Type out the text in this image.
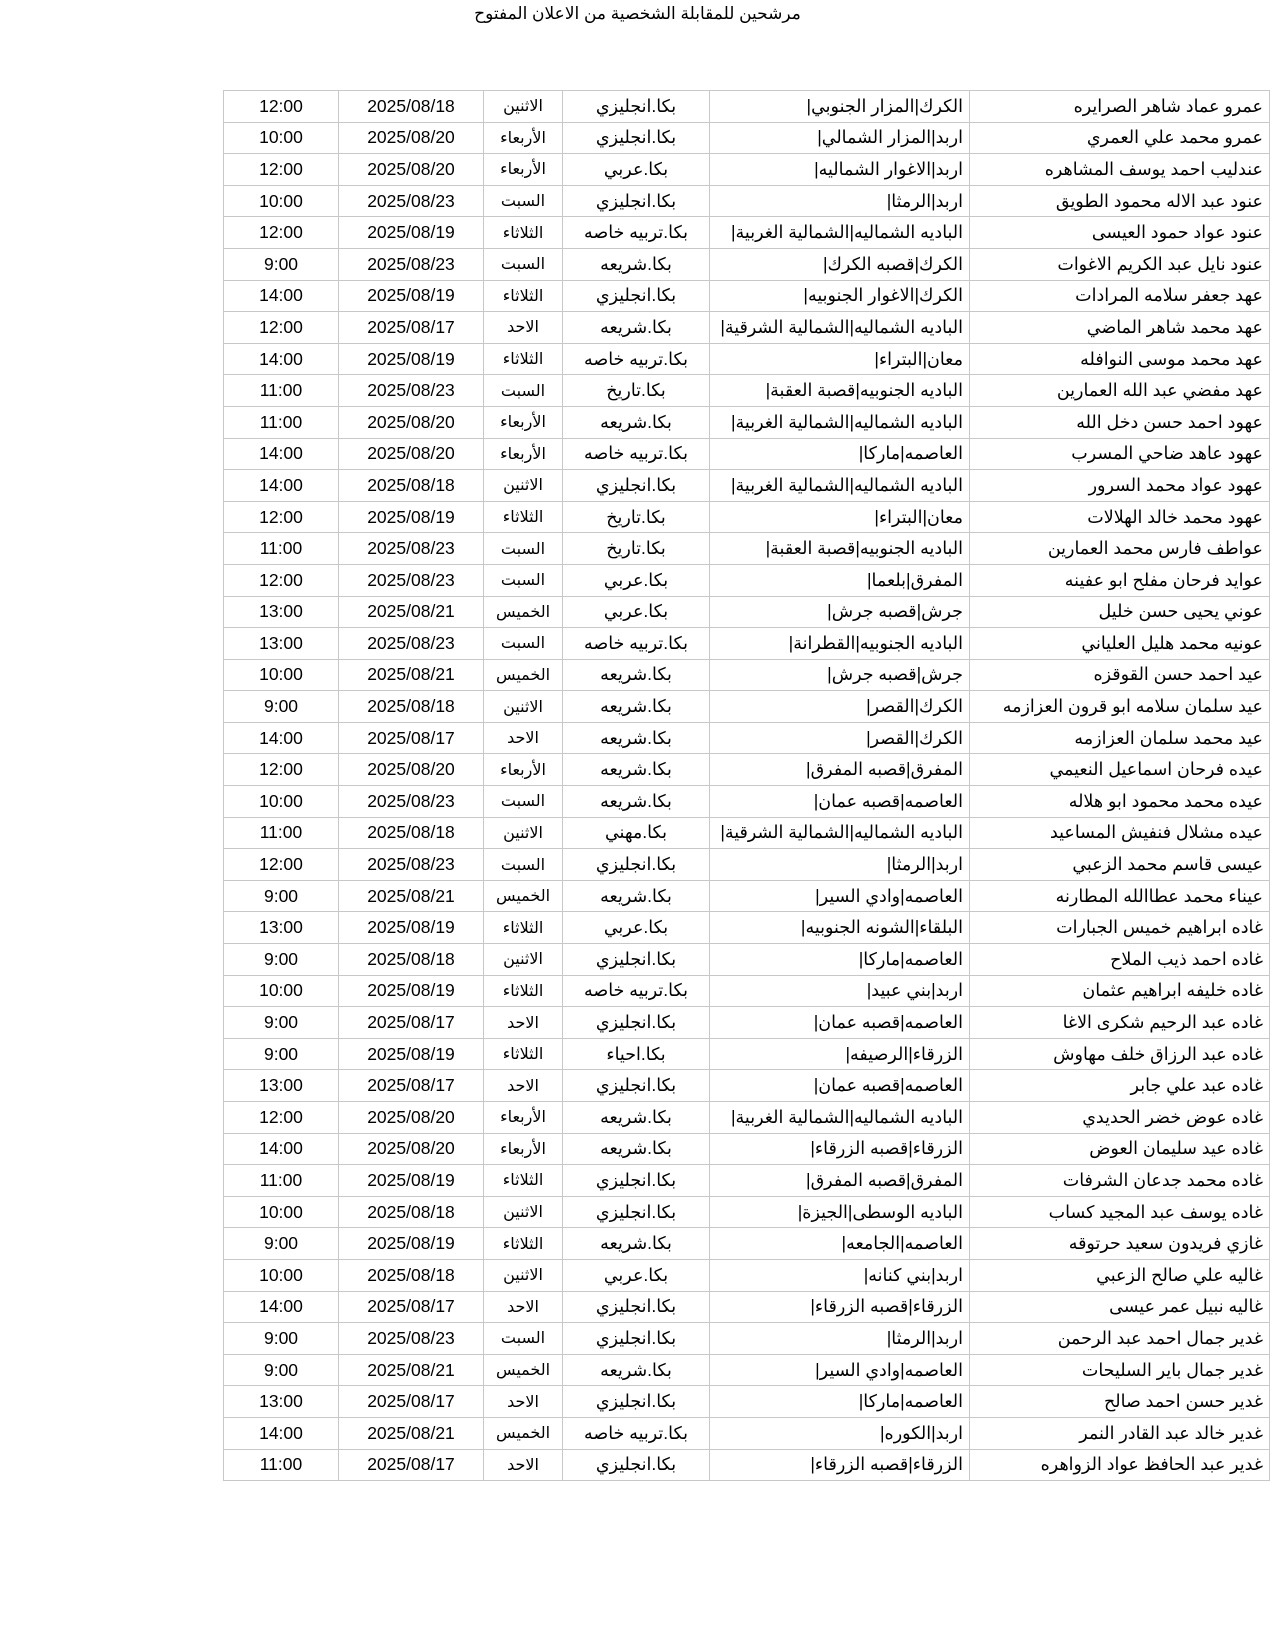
مرشحين للمقابلة الشخصية من الاعلان المفتوح
12:00	2025/08/18	الاثنين	بكا.انجليزي	الكرك|المزار الجنوبي|	عمرو عماد شاهر الصرايره
10:00	2025/08/20	الأربعاء	بكا.انجليزي	اربد|المزار الشمالي|	عمرو محمد علي العمري
12:00	2025/08/20	الأربعاء	بكا.عربي	اربد|الاغوار الشماليه|	عندليب احمد يوسف المشاهره
10:00	2025/08/23	السبت	بكا.انجليزي	اربد|الرمثا|	عنود عبد الاله محمود الطويق
12:00	2025/08/19	الثلاثاء	بكا.تربيه خاصه	الباديه الشماليه|الشمالية الغربية|	عنود عواد حمود العيسى
9:00	2025/08/23	السبت	بكا.شريعه	الكرك|قصبه الكرك|	عنود نايل عبد الكريم الاغوات
14:00	2025/08/19	الثلاثاء	بكا.انجليزي	الكرك|الاغوار الجنوبيه|	عهد جعفر سلامه المرادات
12:00	2025/08/17	الاحد	بكا.شريعه	الباديه الشماليه|الشمالية الشرقية|	عهد محمد شاهر الماضي
14:00	2025/08/19	الثلاثاء	بكا.تربيه خاصه	معان|البتراء|	عهد محمد موسى النوافله
11:00	2025/08/23	السبت	بكا.تاريخ	الباديه الجنوبيه|قصبة العقبة|	عهد مفضي عبد الله العمارين
11:00	2025/08/20	الأربعاء	بكا.شريعه	الباديه الشماليه|الشمالية الغربية|	عهود احمد حسن دخل الله
14:00	2025/08/20	الأربعاء	بكا.تربيه خاصه	العاصمه|ماركا|	عهود عاهد ضاحي المسرب
14:00	2025/08/18	الاثنين	بكا.انجليزي	الباديه الشماليه|الشمالية الغربية|	عهود عواد محمد السرور
12:00	2025/08/19	الثلاثاء	بكا.تاريخ	معان|البتراء|	عهود محمد خالد الهلالات
11:00	2025/08/23	السبت	بكا.تاريخ	الباديه الجنوبيه|قصبة العقبة|	عواطف فارس محمد العمارين
12:00	2025/08/23	السبت	بكا.عربي	المفرق|بلعما|	عوايد فرحان مفلح ابو عفينه
13:00	2025/08/21	الخميس	بكا.عربي	جرش|قصبه جرش|	عوني يحيى حسن خليل
13:00	2025/08/23	السبت	بكا.تربيه خاصه	الباديه الجنوبيه|القطرانة|	عونيه محمد هليل العلياني
10:00	2025/08/21	الخميس	بكا.شريعه	جرش|قصبه جرش|	عيد احمد حسن القوقزه
9:00	2025/08/18	الاثنين	بكا.شريعه	الكرك|القصر|	عيد سلمان سلامه ابو قرون العزازمه
14:00	2025/08/17	الاحد	بكا.شريعه	الكرك|القصر|	عيد محمد سلمان العزازمه
12:00	2025/08/20	الأربعاء	بكا.شريعه	المفرق|قصبه المفرق|	عيده فرحان اسماعيل النعيمي
10:00	2025/08/23	السبت	بكا.شريعه	العاصمه|قصبه عمان|	عيده محمد محمود ابو هلاله
11:00	2025/08/18	الاثنين	بكا.مهني	الباديه الشماليه|الشمالية الشرقية|	عيده مشلال فنفيش المساعيد
12:00	2025/08/23	السبت	بكا.انجليزي	اربد|الرمثا|	عيسى قاسم محمد الزعبي
9:00	2025/08/21	الخميس	بكا.شريعه	العاصمه|وادي السير|	عيناء محمد عطاالله المطارنه
13:00	2025/08/19	الثلاثاء	بكا.عربي	البلقاء|الشونه الجنوبيه|	غاده ابراهيم خميس الجبارات
9:00	2025/08/18	الاثنين	بكا.انجليزي	العاصمه|ماركا|	غاده احمد ذيب الملاح
10:00	2025/08/19	الثلاثاء	بكا.تربيه خاصه	اربد|بني عبيد|	غاده خليفه ابراهيم عثمان
9:00	2025/08/17	الاحد	بكا.انجليزي	العاصمه|قصبه عمان|	غاده عبد الرحيم شكرى الاغا
9:00	2025/08/19	الثلاثاء	بكا.احياء	الزرقاء|الرصيفه|	غاده عبد الرزاق خلف مهاوش
13:00	2025/08/17	الاحد	بكا.انجليزي	العاصمه|قصبه عمان|	غاده عبد علي جابر
12:00	2025/08/20	الأربعاء	بكا.شريعه	الباديه الشماليه|الشمالية الغربية|	غاده عوض خضر الحديدي
14:00	2025/08/20	الأربعاء	بكا.شريعه	الزرقاء|قصبه الزرقاء|	غاده عيد سليمان العوض
11:00	2025/08/19	الثلاثاء	بكا.انجليزي	المفرق|قصبه المفرق|	غاده محمد جدعان الشرفات
10:00	2025/08/18	الاثنين	بكا.انجليزي	الباديه الوسطى|الجيزة|	غاده يوسف عبد المجيد كساب
9:00	2025/08/19	الثلاثاء	بكا.شريعه	العاصمه|الجامعه|	غازي فريدون سعيد حرتوقه
10:00	2025/08/18	الاثنين	بكا.عربي	اربد|بني كنانه|	غاليه علي صالح الزعبي
14:00	2025/08/17	الاحد	بكا.انجليزي	الزرقاء|قصبه الزرقاء|	غاليه نبيل عمر عيسى
9:00	2025/08/23	السبت	بكا.انجليزي	اربد|الرمثا|	غدير جمال احمد عبد الرحمن
9:00	2025/08/21	الخميس	بكا.شريعه	العاصمه|وادي السير|	غدير جمال باير السليحات
13:00	2025/08/17	الاحد	بكا.انجليزي	العاصمه|ماركا|	غدير حسن احمد صالح
14:00	2025/08/21	الخميس	بكا.تربيه خاصه	اربد|الكوره|	غدير خالد عبد القادر النمر
11:00	2025/08/17	الاحد	بكا.انجليزي	الزرقاء|قصبه الزرقاء|	غدير عبد الحافظ عواد الزواهره
